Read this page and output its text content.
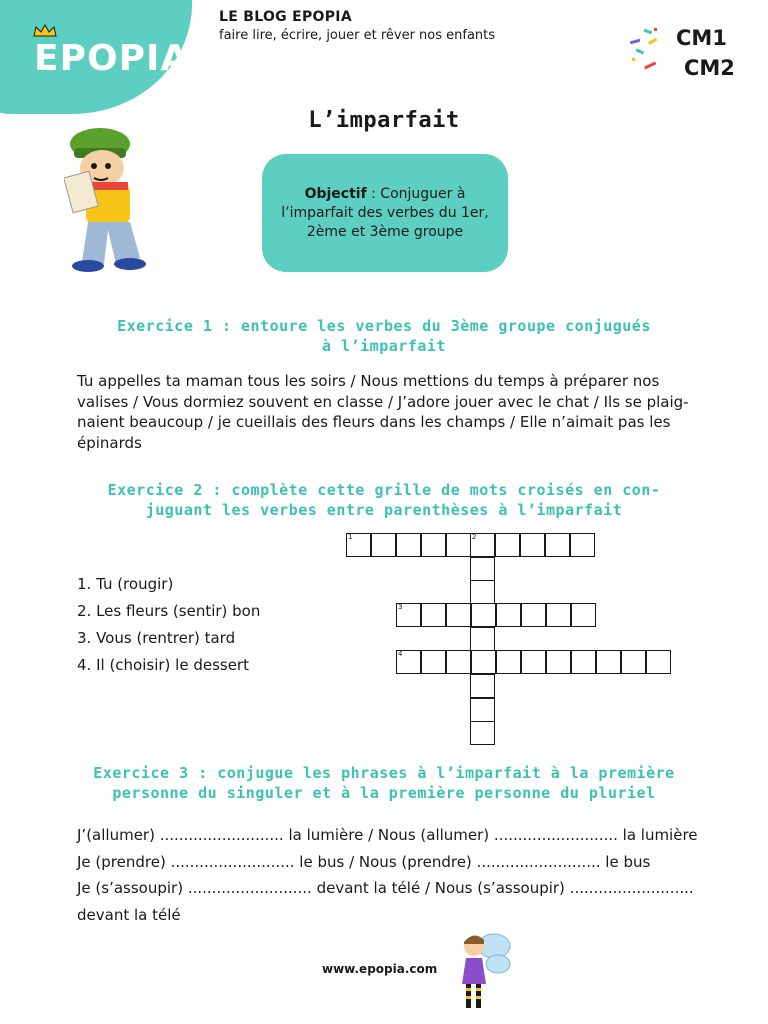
EPOPIA
LE BLOG EPOPIA
faire lire, écrire, jouer et rêver nos enfants	CM1
CM2
L’imparfait
Objectif : Conjuguer à l’imparfait des verbes du 1er, 2ème et 3ème groupe
Exercice 1 : entoure les verbes du 3ème groupe conjugués
à l’imparfait
Tu appelles ta maman tous les soirs / Nous mettions du temps à préparer nos
valises / Vous dormiez souvent en classe / J’adore jouer avec le chat / Ils se plaig-
naient beaucoup / je cueillais des fleurs dans les champs / Elle n’aimait pas les
épinards
Exercice 2 : complète cette grille de mots croisés en con-
juguant les verbes entre parenthèses à l’imparfait
1. Tu (rougir)
2. Les fleurs (sentir) bon
3. Vous (rentrer) tard
4. Il (choisir) le dessert
1	2
3
4
Exercice 3 : conjugue les phrases à l’imparfait à la première
personne du singuler et à la première personne du pluriel
J’(allumer) .......................... la lumière / Nous (allumer) .......................... la lumière
Je (prendre) .......................... le bus / Nous (prendre) .......................... le bus
Je (s’assoupir) .......................... devant la télé / Nous (s’assoupir) ..........................
devant la télé
www.epopia.com
